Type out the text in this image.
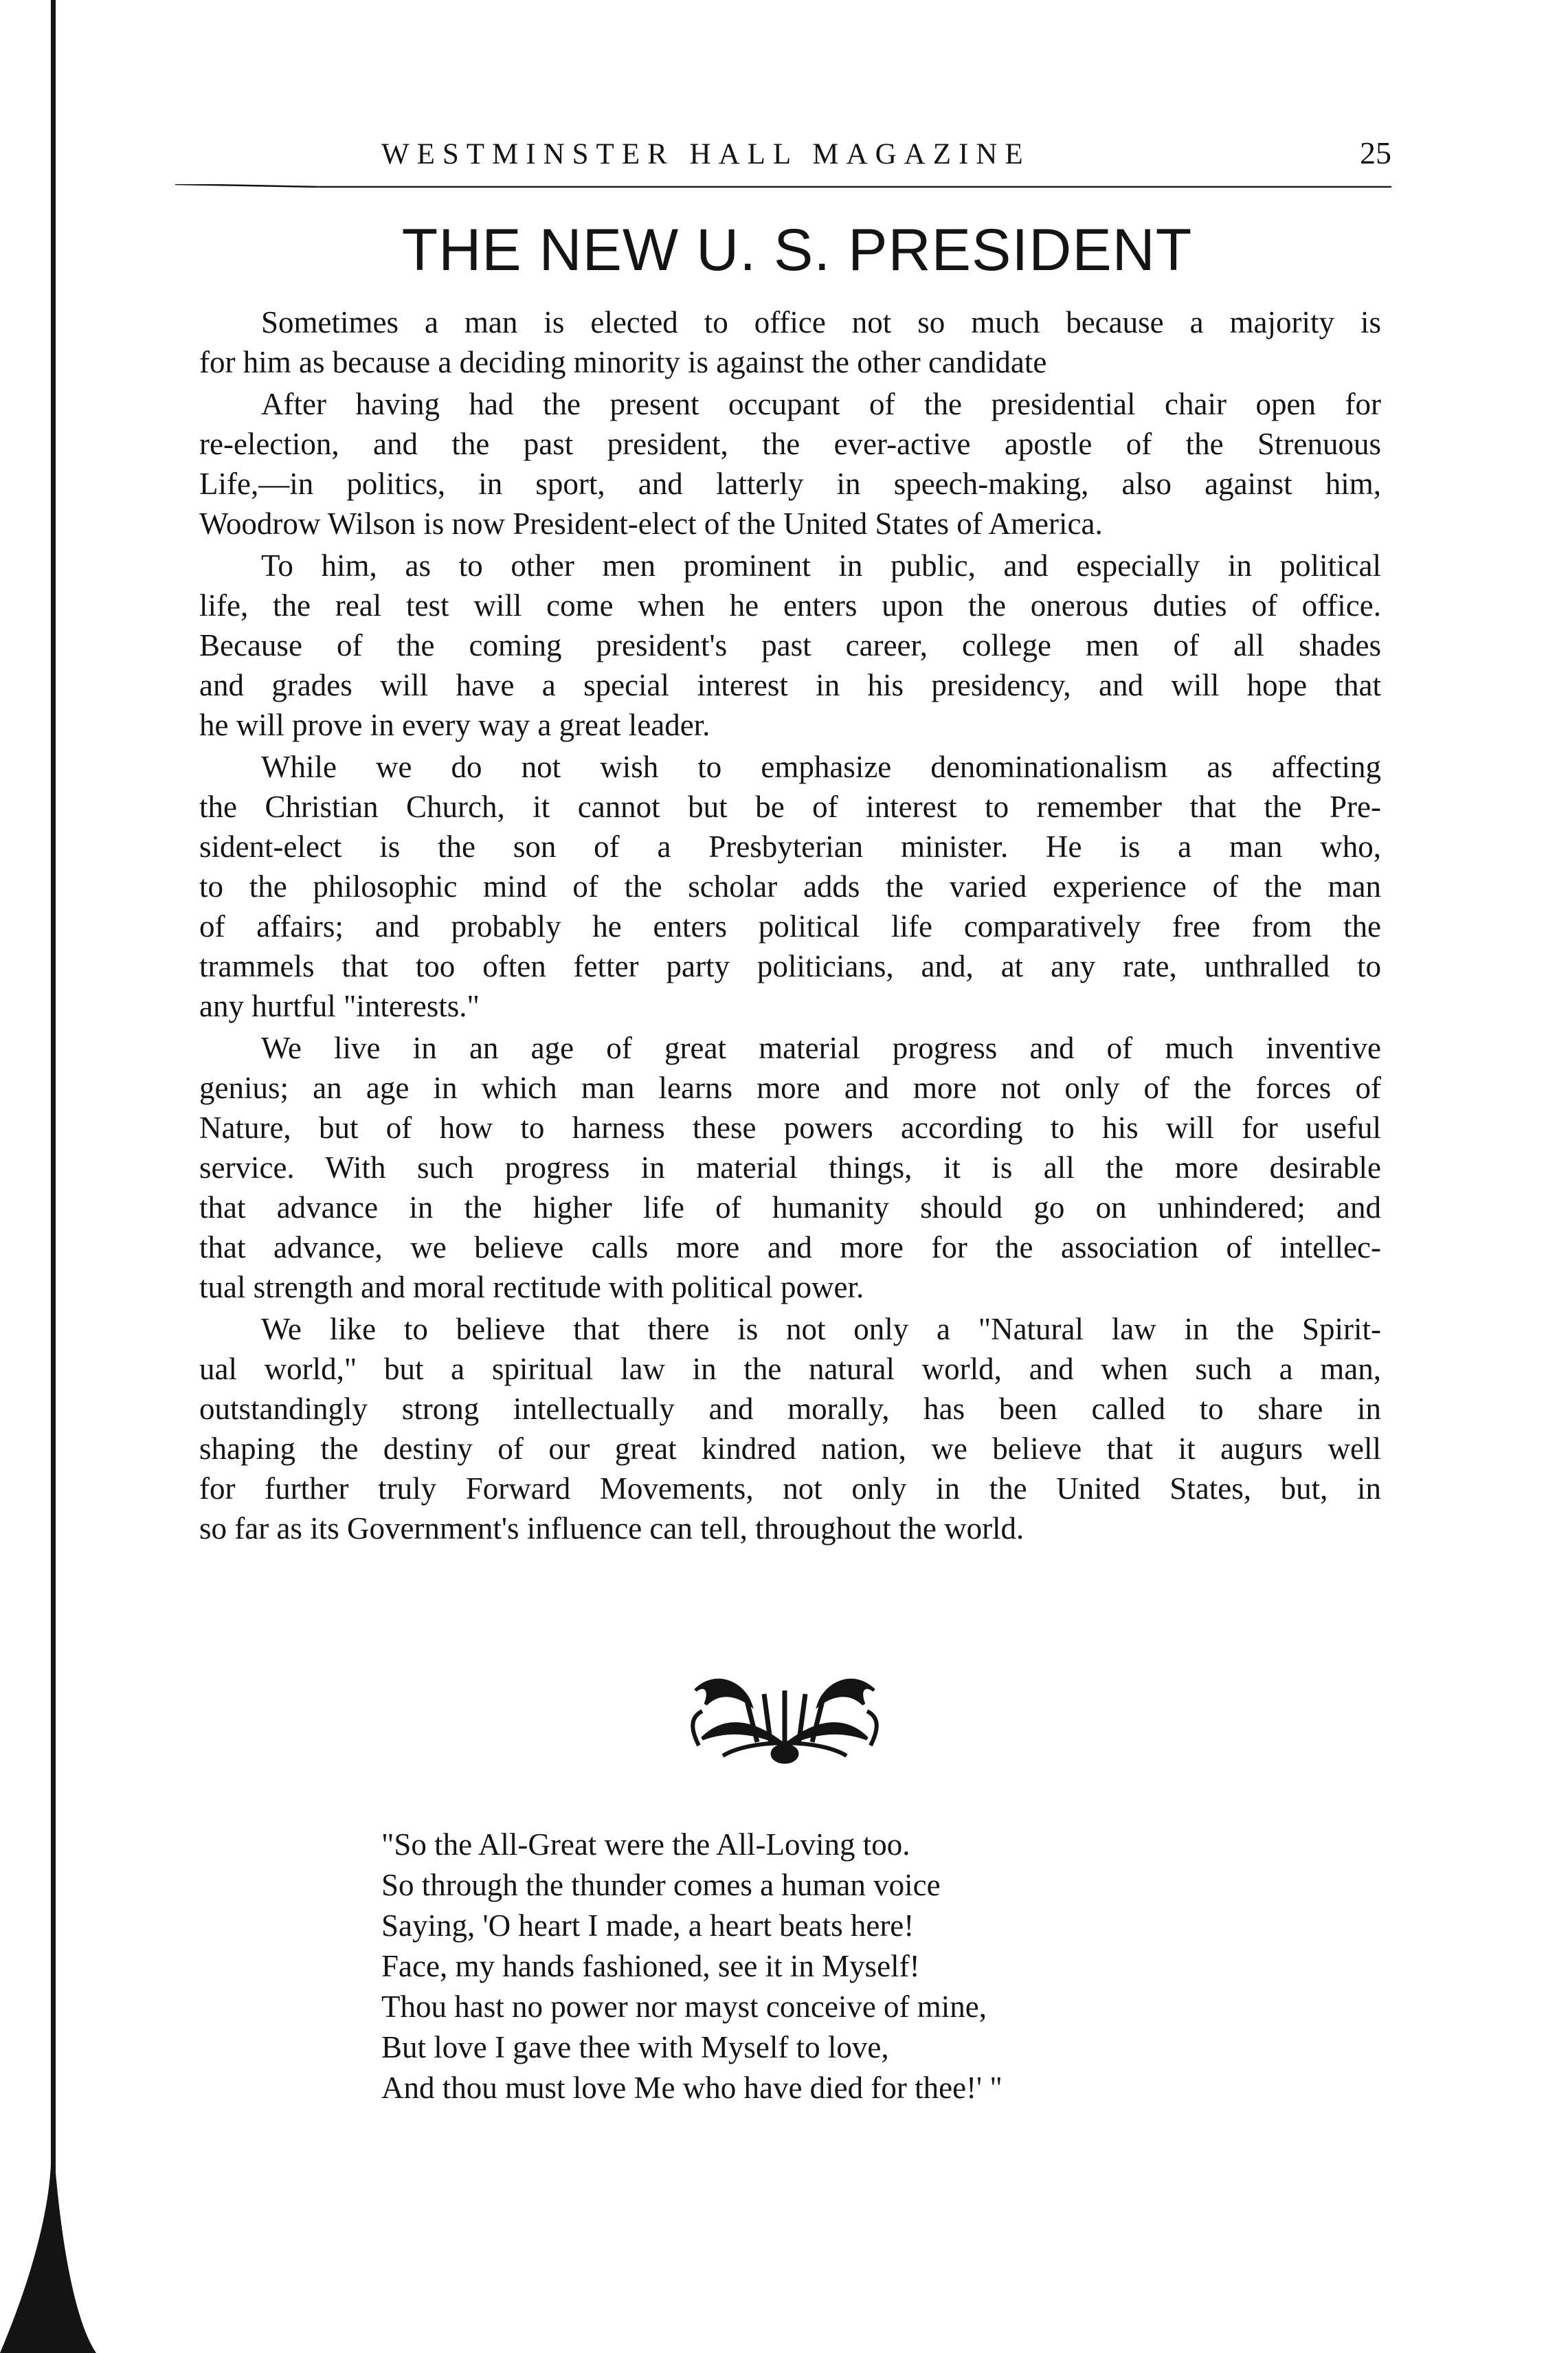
WESTMINSTER HALL MAGAZINE	25
THE NEW U. S. PRESIDENT

Sometimes a man is elected to office not so much because a majority is

for him as because a deciding minority is against the other candidate

After having had the present occupant of the presidential chair open for

re-election, and the past president, the ever-active apostle of the Strenuous

Life,—in politics, in sport, and latterly in speech-making, also against him,

Woodrow Wilson is now President-elect of the United States of America.

To him, as to other men prominent in public, and especially in political

life, the real test will come when he enters upon the onerous duties of office.

Because of the coming president's past career, college men of all shades

and grades will have a special interest in his presidency, and will hope that

he will prove in every way a great leader.

While we do not wish to emphasize denominationalism as affecting

the Christian Church, it cannot but be of interest to remember that the Pre-

sident-elect is the son of a Presbyterian minister. He is a man who,

to the philosophic mind of the scholar adds the varied experience of the man

of affairs; and probably he enters political life comparatively free from the

trammels that too often fetter party politicians, and, at any rate, unthralled to

any hurtful "interests."

We live in an age of great material progress and of much inventive

genius; an age in which man learns more and more not only of the forces of

Nature, but of how to harness these powers according to his will for useful

service. With such progress in material things, it is all the more desirable

that advance in the higher life of humanity should go on unhindered; and

that advance, we believe calls more and more for the association of intellec-

tual strength and moral rectitude with political power.

We like to believe that there is not only a "Natural law in the Spirit-

ual world," but a spiritual law in the natural world, and when such a man,

outstandingly strong intellectually and morally, has been called to share in

shaping the destiny of our great kindred nation, we believe that it augurs well

for further truly Forward Movements, not only in the United States, but, in

so far as its Government's influence can tell, throughout the world.

"So the All-Great were the All-Loving too.

So through the thunder comes a human voice

Saying, 'O heart I made, a heart beats here!

Face, my hands fashioned, see it in Myself!

Thou hast no power nor mayst conceive of mine,

But love I gave thee with Myself to love,

And thou must love Me who have died for thee!' "
